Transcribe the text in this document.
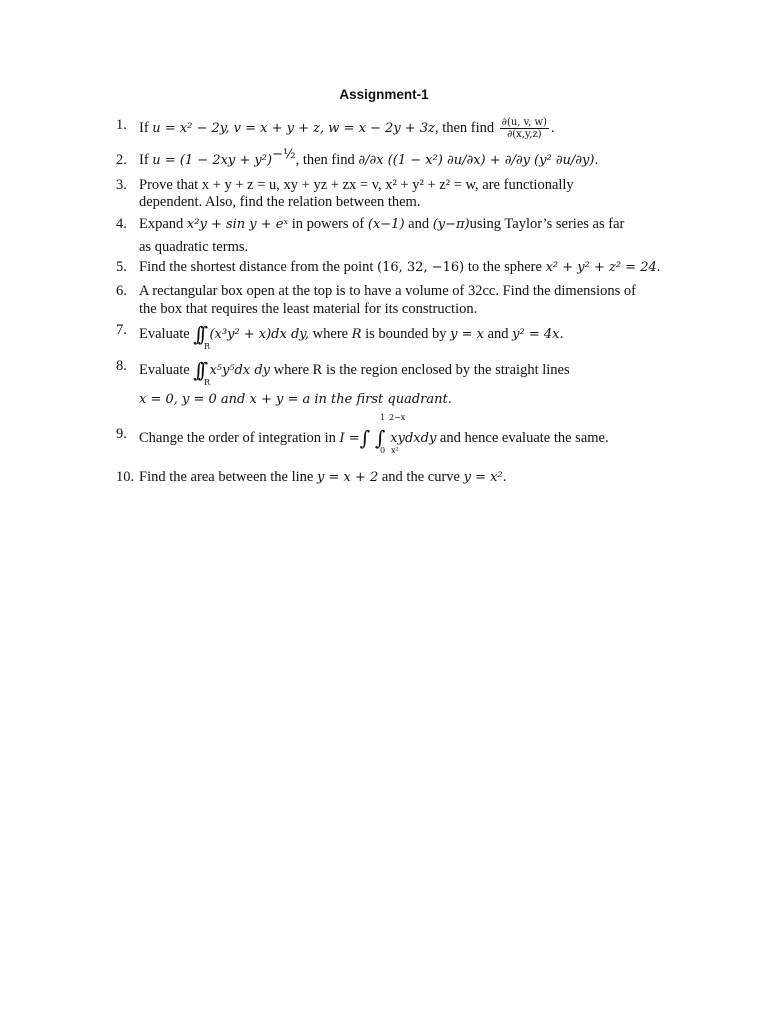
Assignment-1
1. If u = x² − 2y, v = x + y + z, w = x − 2y + 3z, then find $\frac{\partial(u, v, w)}{\partial(x,y,z)}$ .
2. If $u = (1 - 2xy + y^2)^{-\frac{1}{2}}$, then find ∂/∂x ((1 − x²) ∂u/∂x) + ∂/∂y (y² ∂u/∂y).
3. Prove that x + y + z = u, xy + yz + zx = v, x² + y² + z² = w, are functionally
dependent. Also, find the relation between them.
4. Expand x²y + sin y + eˣ in powers of (x−1) and (y−π)using Taylor’s series as far
as quadratic terms.
5. Find the shortest distance from the point (16, 32, −16) to the sphere x² + y² + z² = 24.
6. A rectangular box open at the top is to have a volume of 32cc. Find the dimensions of
the box that requires the least material for its construction.
7. Evaluate ∫∫ (x³y² + x)dx dy, where R is bounded by y = x and y² = 4x.
R
8. Evaluate ∫∫ x⁵y⁵dx dy where R is the region enclosed by the straight lines
R
x = 0, y = 0 and x + y = a in the first quadrant.
9. Change the order of integration in I =∫ ∫ xydxdy and hence evaluate the same.
1
0
2−x
x²
10. Find the area between the line y = x + 2 and the curve y = x².
